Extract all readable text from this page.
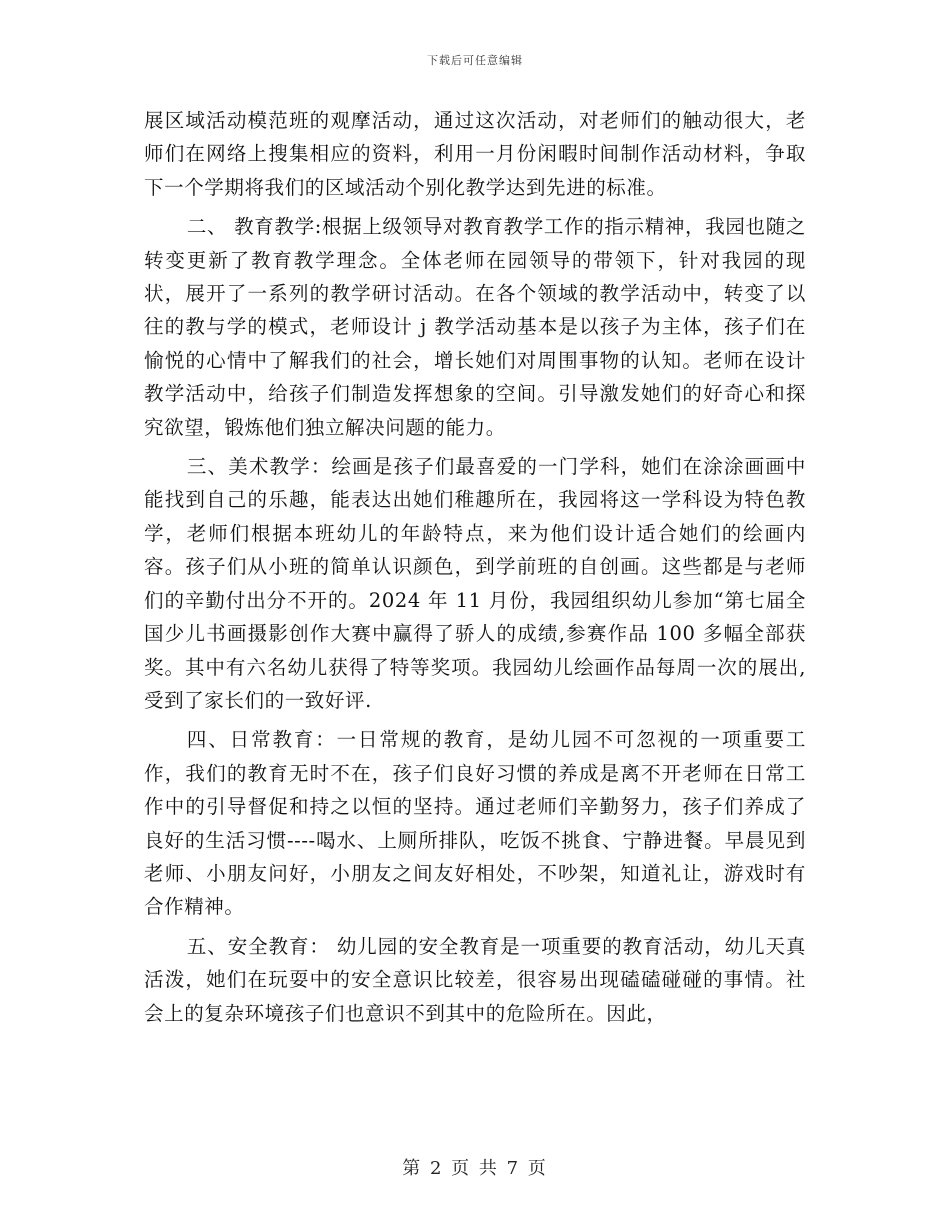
下载后可任意编辑

展区域活动模范班的观摩活动，通过这次活动，对老师们的触动很大，老师们在网络上搜集相应的资料，利用一月份闲暇时间制作活动材料，争取下一个学期将我们的区域活动个别化教学达到先进的标准。

二、 教育教学:根据上级领导对教育教学工作的指示精神，我园也随之转变更新了教育教学理念。全体老师在园领导的带领下，针对我园的现状，展开了一系列的教学研讨活动。在各个领域的教学活动中，转变了以往的教与学的模式，老师设计 j 教学活动基本是以孩子为主体，孩子们在愉悦的心情中了解我们的社会，增长她们对周围事物的认知。老师在设计教学活动中，给孩子们制造发挥想象的空间。引导激发她们的好奇心和探究欲望，锻炼他们独立解决问题的能力。

三、美术教学：绘画是孩子们最喜爱的一门学科，她们在涂涂画画中能找到自己的乐趣，能表达出她们稚趣所在，我园将这一学科设为特色教学，老师们根据本班幼儿的年龄特点，来为他们设计适合她们的绘画内容。孩子们从小班的简单认识颜色，到学前班的自创画。这些都是与老师们的辛勤付出分不开的。2024 年 11 月份，我园组织幼儿参加“第七届全国少儿书画摄影创作大赛中赢得了骄人的成绩,参赛作品 100 多幅全部获奖。其中有六名幼儿获得了特等奖项。我园幼儿绘画作品每周一次的展出,受到了家长们的一致好评.

四、日常教育：一日常规的教育，是幼儿园不可忽视的一项重要工作，我们的教育无时不在，孩子们良好习惯的养成是离不开老师在日常工作中的引导督促和持之以恒的坚持。通过老师们辛勤努力，孩子们养成了良好的生活习惯----喝水、上厕所排队，吃饭不挑食、宁静进餐。早晨见到老师、小朋友问好，小朋友之间友好相处，不吵架，知道礼让，游戏时有合作精神。

五、安全教育： 幼儿园的安全教育是一项重要的教育活动，幼儿天真活泼，她们在玩耍中的安全意识比较差，很容易出现磕磕碰碰的事情。社会上的复杂环境孩子们也意识不到其中的危险所在。因此，

第 2 页 共 7 页
